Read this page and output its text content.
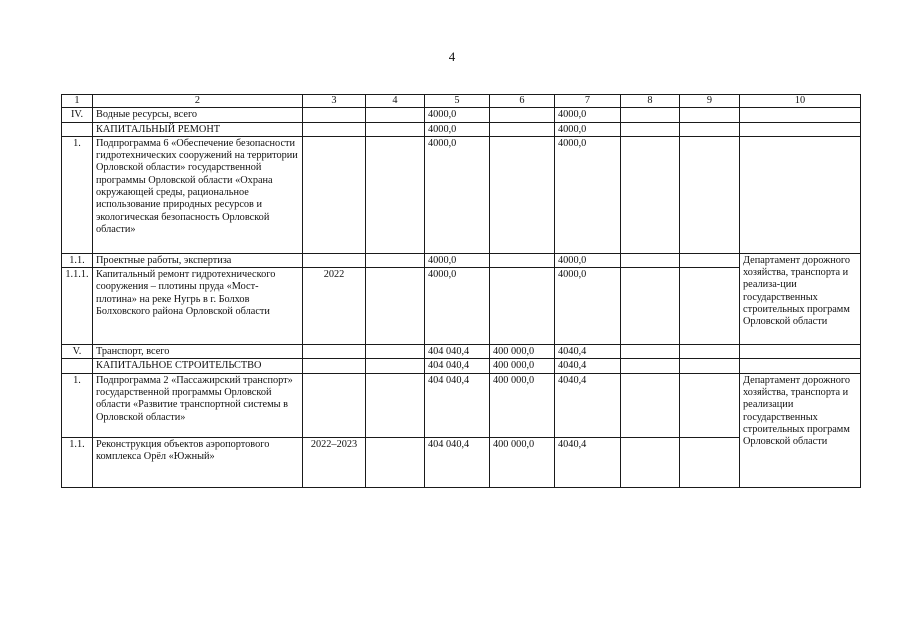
4
1	2	3	4	5	6	7	8	9	10
IV.	Водные ресурсы, всего			4000,0		4000,0			
	КАПИТАЛЬНЫЙ РЕМОНТ			4000,0		4000,0			
1.	Подпрограмма 6 «Обеспечение безопасности гидротехнических сооружений на территории Орловской области» государственной программы Орловской области «Охрана окружающей среды, рациональное использование природных ресурсов и экологическая безопасность Орловской области»			4000,0		4000,0			
1.1.	Проектные работы, экспертиза			4000,0		4000,0			Департамент дорожного хозяйства, транспорта и реализа-ции государственных строительных программ Орловской области
1.1.1.	Капитальный ремонт гидротехнического сооружения – плотины пруда «Мост-плотина» на реке Нугрь в г. Болхов Болховского района Орловской области	2022		4000,0		4000,0			
V.	Транспорт, всего			404 040,4	400 000,0	4040,4			
	КАПИТАЛЬНОЕ СТРОИТЕЛЬСТВО			404 040,4	400 000,0	4040,4			
1.	Подпрограмма 2 «Пассажирский транспорт» государственной программы Орловской области «Развитие транспортной системы в Орловской области»			404 040,4	400 000,0	4040,4			Департамент дорожного хозяйства, транспорта и реализации государственных строительных программ Орловской области
1.1.	Реконструкция объектов аэропортового комплекса Орёл «Южный»	2022–2023		404 040,4	400 000,0	4040,4			
